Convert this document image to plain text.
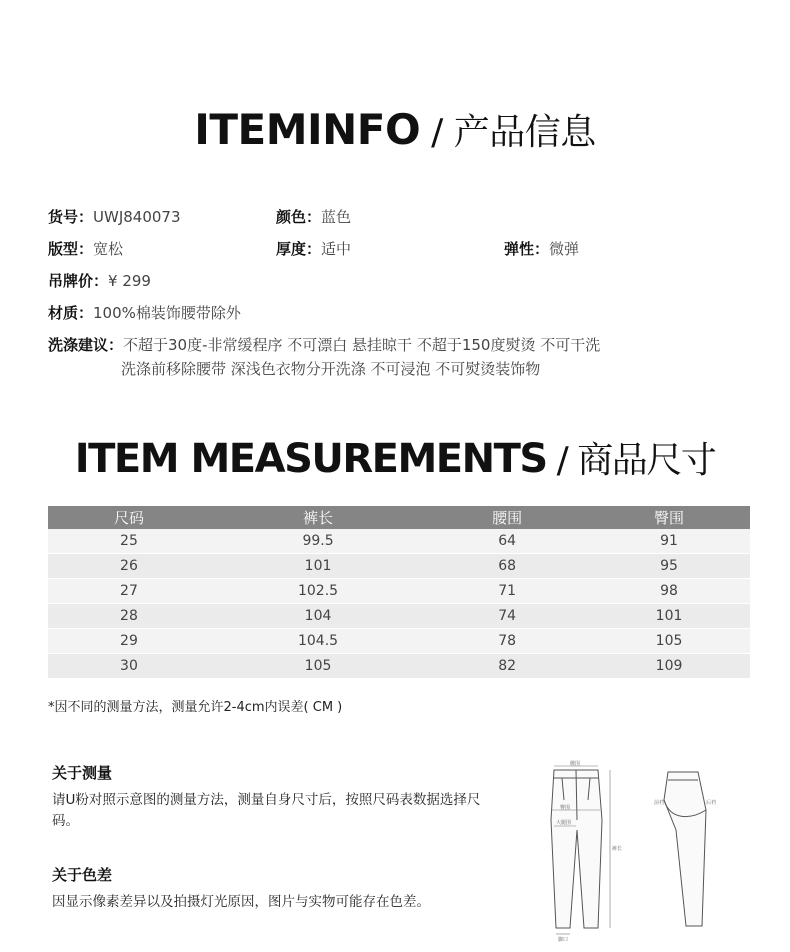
ITEMINFO / 产品信息
货号：UWJ840073	颜色：蓝色
版型：宽松	厚度：适中	弹性：微弹
吊牌价：¥ 299
材质：100%棉装饰腰带除外
洗涤建议：不超于30度-非常缓程序 不可漂白 悬挂晾干 不超于150度熨烫 不可干洗
洗涤前移除腰带 深浅色衣物分开洗涤 不可浸泡 不可熨烫装饰物
ITEM MEASUREMENTS / 商品尺寸
尺码	裤长	腰围	臀围
25	99.5	64	91
26	101	68	95
27	102.5	71	98
28	104	74	101
29	104.5	78	105
30	105	82	109
*因不同的测量方法，测量允许2-4cm内误差( CM )
关于测量
请U粉对照示意图的测量方法，测量自身尺寸后，按照尺码表数据选择尺码。
关于色差
因显示像素差异以及拍摄灯光原因，图片与实物可能存在色差。
腰围
臀围
大腿围
裤长
脚口
前裆	后裆
